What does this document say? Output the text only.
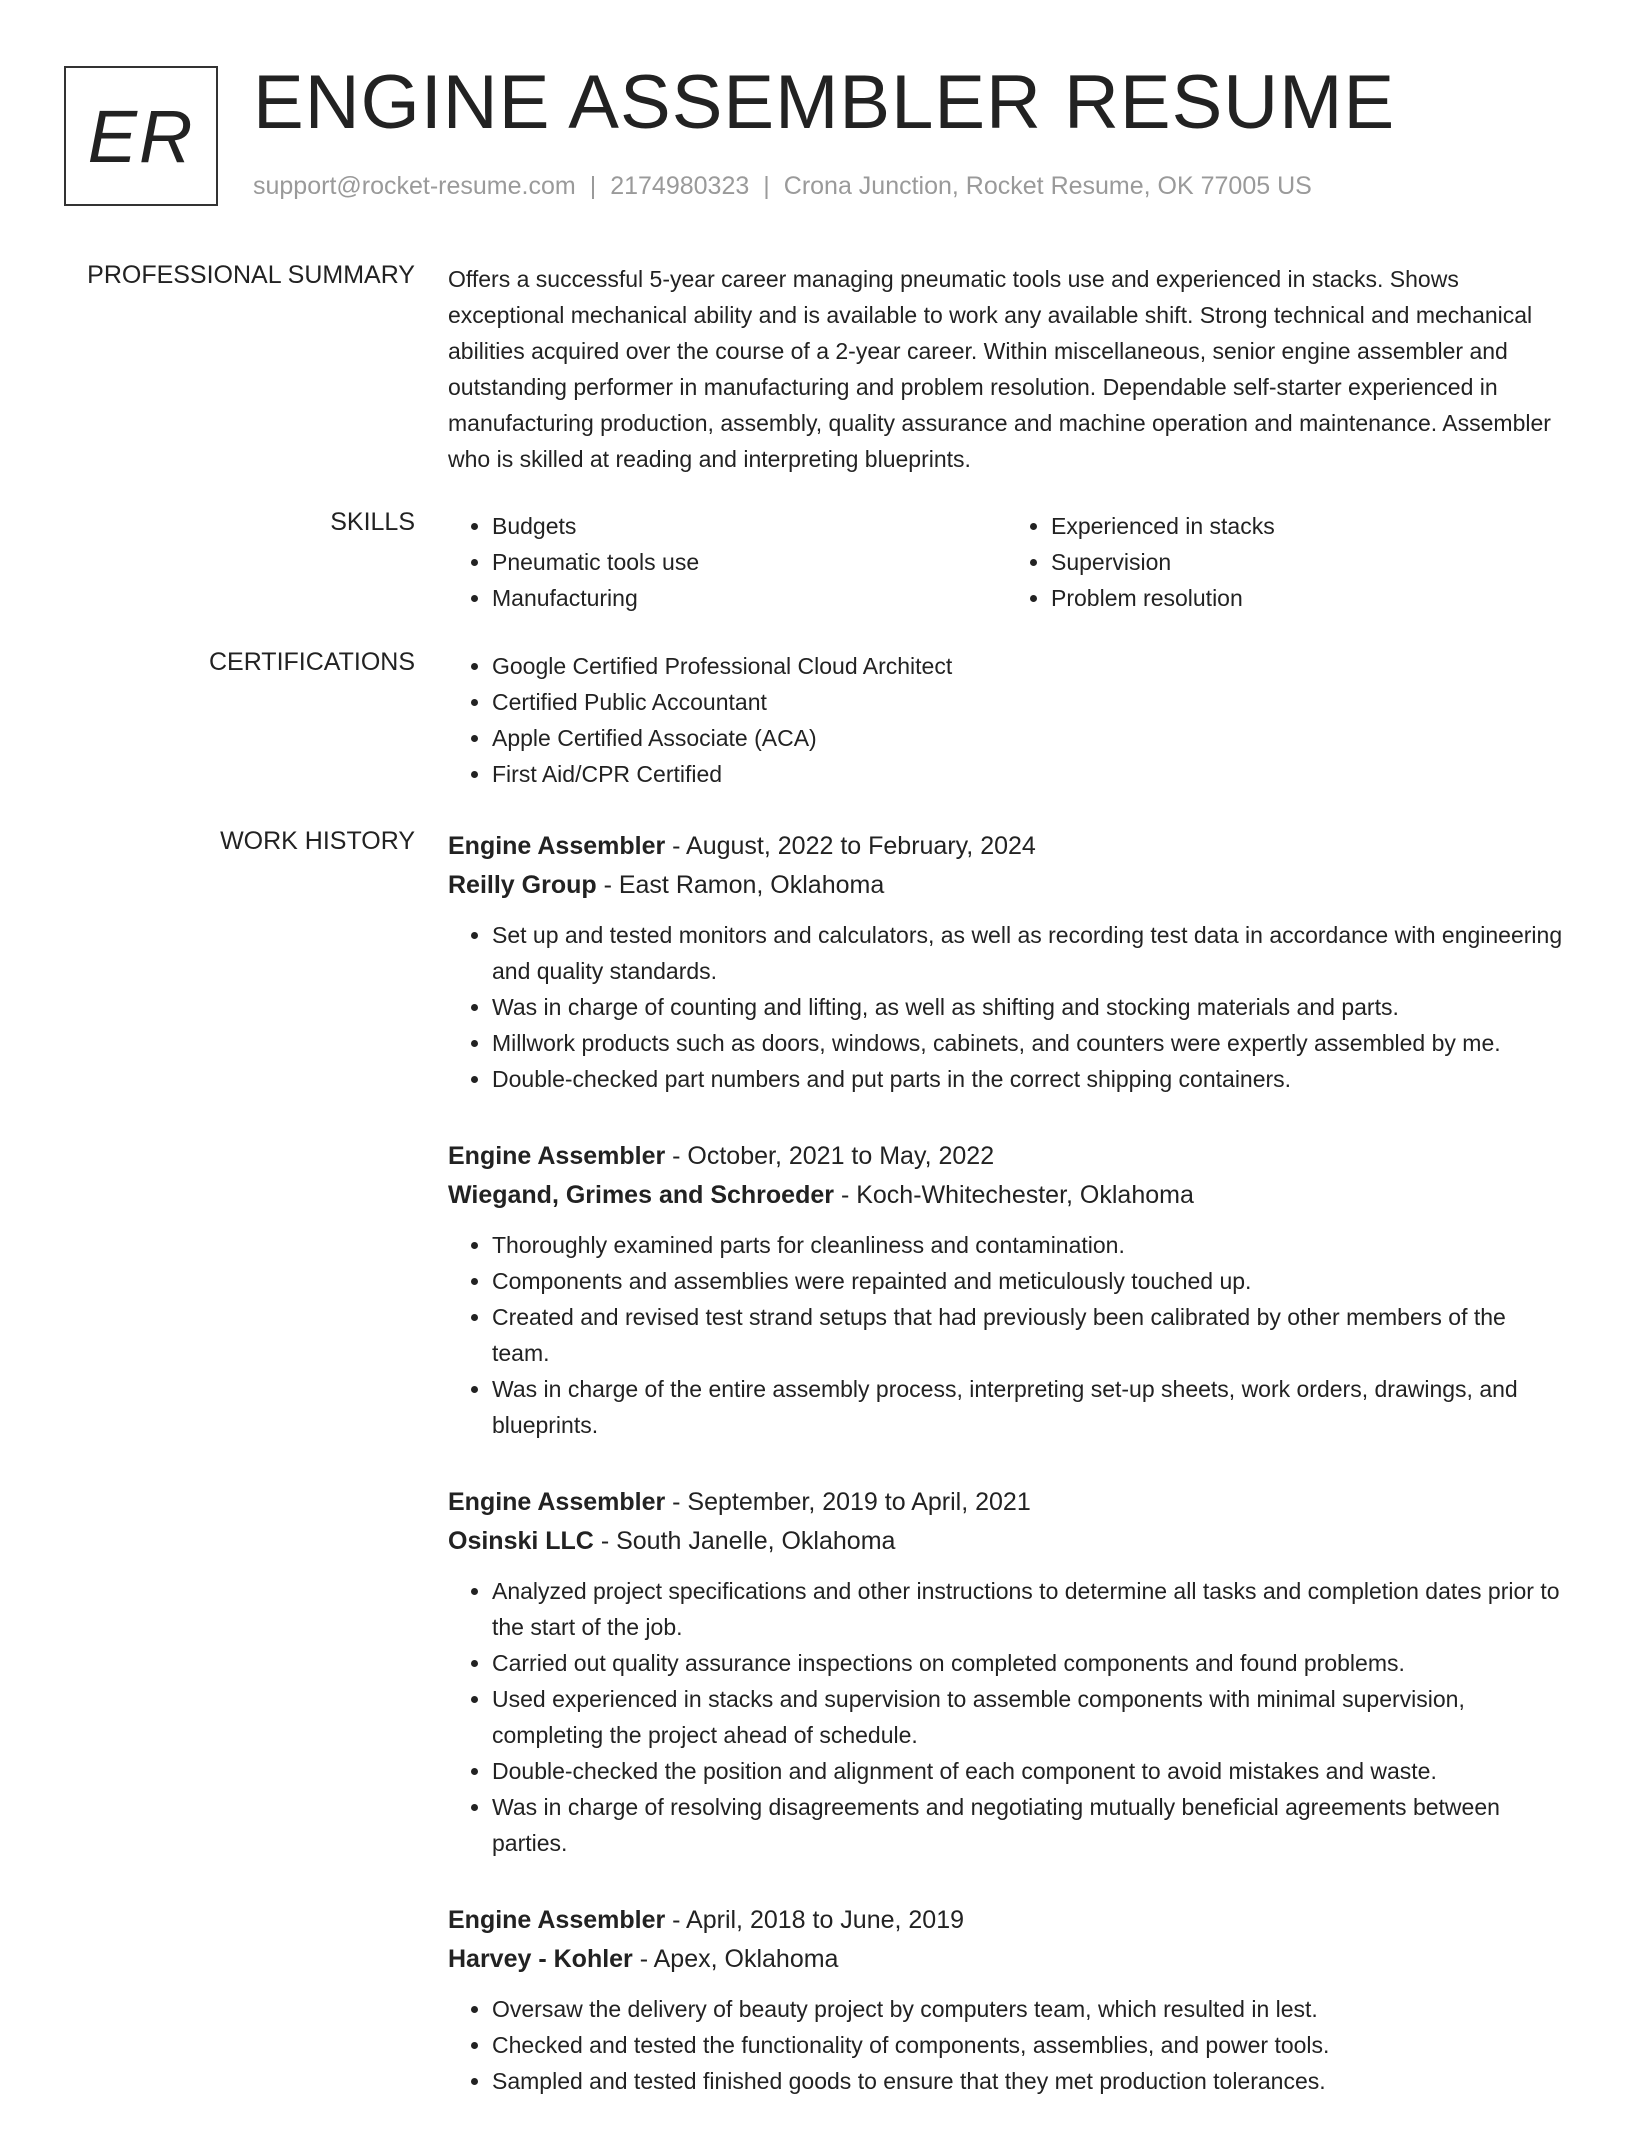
ER ENGINE ASSEMBLER RESUME
support@rocket-resume.com | 2174980323 | Crona Junction, Rocket Resume, OK 77005 US
PROFESSIONAL SUMMARY Offers a successful 5-year career managing pneumatic tools use and experienced in stacks. Shows exceptional mechanical ability and is available to work any available shift. Strong technical and mechanical abilities acquired over the course of a 2-year career. Within miscellaneous, senior engine assembler and outstanding performer in manufacturing and problem resolution. Dependable self-starter experienced in manufacturing production, assembly, quality assurance and machine operation and maintenance. Assembler who is skilled at reading and interpreting blueprints.

SKILLS	• Budgets
• Pneumatic tools use
• Manufacturing
• Experienced in stacks
• Supervision
• Problem resolution
CERTIFICATIONS	• Google Certified Professional Cloud Architect
• Certified Public Accountant
• Apple Certified Associate (ACA)
• First Aid/CPR Certified
WORK HISTORY Engine Assembler - August, 2022 to February, 2024
Reilly Group - East Ramon, Oklahoma
• Set up and tested monitors and calculators, as well as recording test data in accordance with engineering and quality standards.
• Was in charge of counting and lifting, as well as shifting and stocking materials and parts.
• Millwork products such as doors, windows, cabinets, and counters were expertly assembled by me.
• Double-checked part numbers and put parts in the correct shipping containers.
Engine Assembler - October, 2021 to May, 2022
Wiegand, Grimes and Schroeder - Koch-Whitechester, Oklahoma
• Thoroughly examined parts for cleanliness and contamination.
• Components and assemblies were repainted and meticulously touched up.
• Created and revised test strand setups that had previously been calibrated by other members of the team.
• Was in charge of the entire assembly process, interpreting set-up sheets, work orders, drawings, and blueprints.
Engine Assembler - September, 2019 to April, 2021
Osinski LLC - South Janelle, Oklahoma
• Analyzed project specifications and other instructions to determine all tasks and completion dates prior to the start of the job.
• Carried out quality assurance inspections on completed components and found problems.
• Used experienced in stacks and supervision to assemble components with minimal supervision, completing the project ahead of schedule.
• Double-checked the position and alignment of each component to avoid mistakes and waste.
• Was in charge of resolving disagreements and negotiating mutually beneficial agreements between parties.
Engine Assembler - April, 2018 to June, 2019
Harvey - Kohler - Apex, Oklahoma
• Oversaw the delivery of beauty project by computers team, which resulted in lest.
• Checked and tested the functionality of components, assemblies, and power tools.
• Sampled and tested finished goods to ensure that they met production tolerances.
